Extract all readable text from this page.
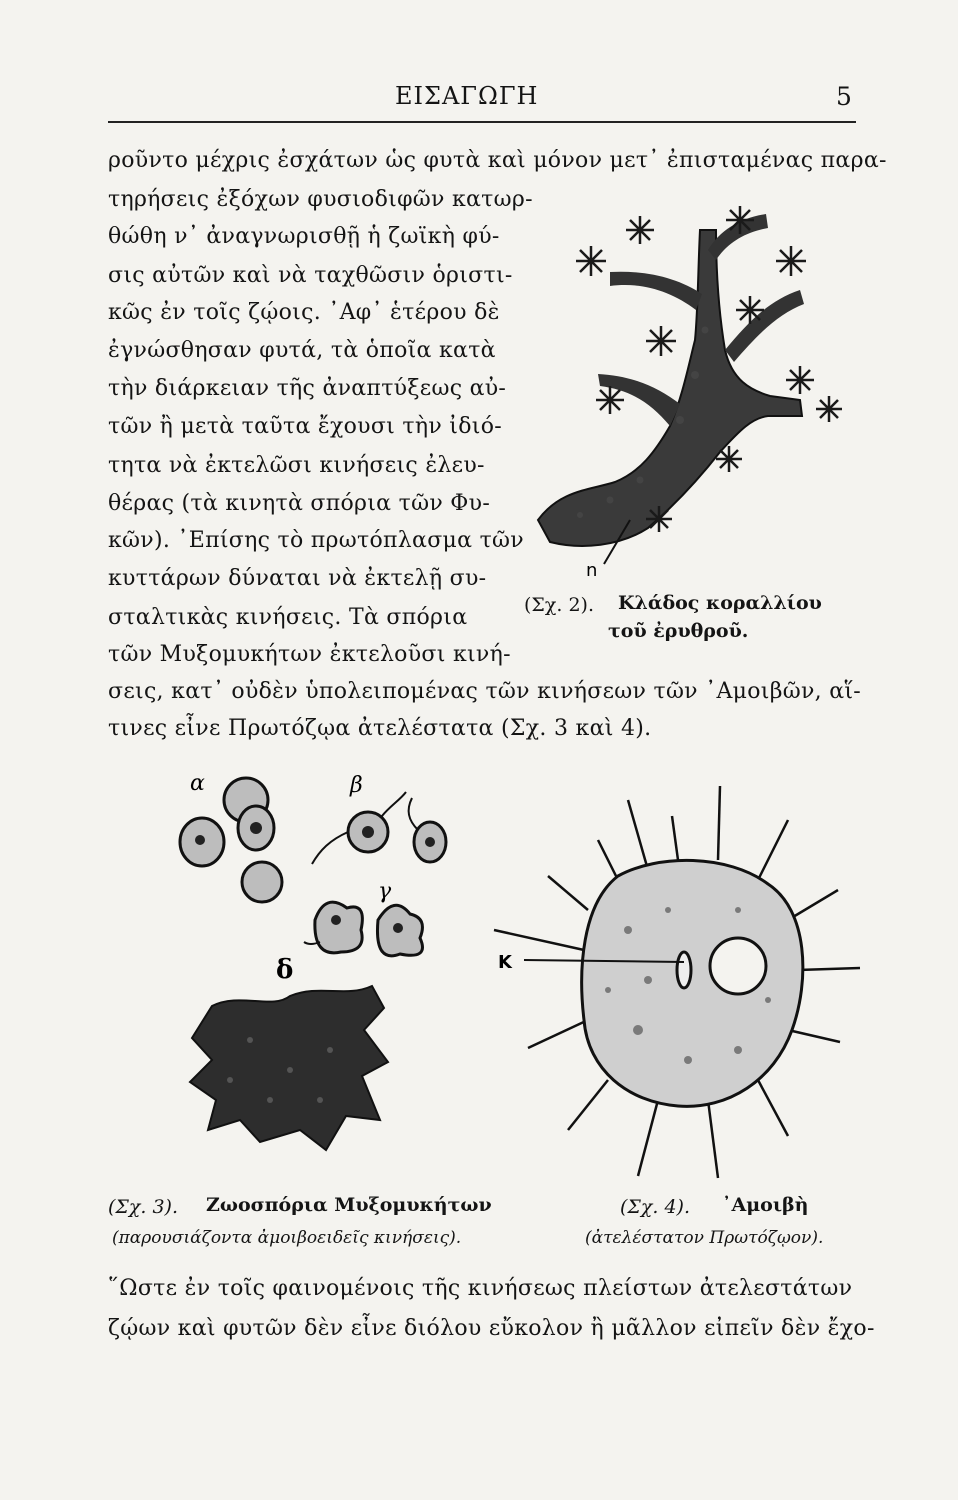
ΕΙΣΑΓΩΓΗ	5
ροῦντο μέχρις ἐσχάτων ὡς φυτὰ καὶ μόνον μετ᾽ ἐπισταμένας παρα-
τηρήσεις ἐξόχων φυσιοδιφῶν κατωρ-
θώθη ν᾽ ἀναγνωρισθῇ ἡ ζωϊκὴ φύ-
σις αὐτῶν καὶ νὰ ταχθῶσιν ὁριστι-
κῶς ἐν τοῖς ζῴοις. ᾽Αφ᾽ ἑτέρου δὲ
ἐγνώσθησαν φυτά, τὰ ὁποῖα κατὰ
τὴν διάρκειαν τῆς ἀναπτύξεως αὐ-
τῶν ἢ μετὰ ταῦτα ἔχουσι τὴν ἰδιό-
τητα νὰ ἐκτελῶσι κινήσεις ἐλευ-
θέρας (τὰ κινητὰ σπόρια τῶν Φυ-
κῶν). ᾽Επίσης τὸ πρωτόπλασμα τῶν
κυττάρων δύναται νὰ ἐκτελῇ συ-
σταλτικὰς κινήσεις. Τὰ σπόρια
τῶν Μυξομυκήτων ἐκτελοῦσι κινή-
σεις, κατ᾽ οὐδὲν ὑπολειπομένας τῶν κινήσεων τῶν ᾽Αμοιβῶν, αἵ-
τινες εἶνε Πρωτόζῳα ἀτελέστατα (Σχ. 3 καὶ 4).
n
(Σχ. 2). Κλάδος κοραλλίου
τοῦ ἐρυθροῦ.
α	β
γ
δ
(Σχ. 3). Ζωοσπόρια Μυξομυκήτων
(παρουσιάζοντα ἀμοιβοειδεῖς κινήσεις).
Κ
(Σχ. 4). ᾽Αμοιβὴ
(ἀτελέστατον Πρωτόζῳον).
῞Ωστε ἐν τοῖς φαινομένοις τῆς κινήσεως πλείστων ἀτελεστάτων
ζῴων καὶ φυτῶν δὲν εἶνε διόλου εὔκολον ἢ μᾶλλον εἰπεῖν δὲν ἔχο-
